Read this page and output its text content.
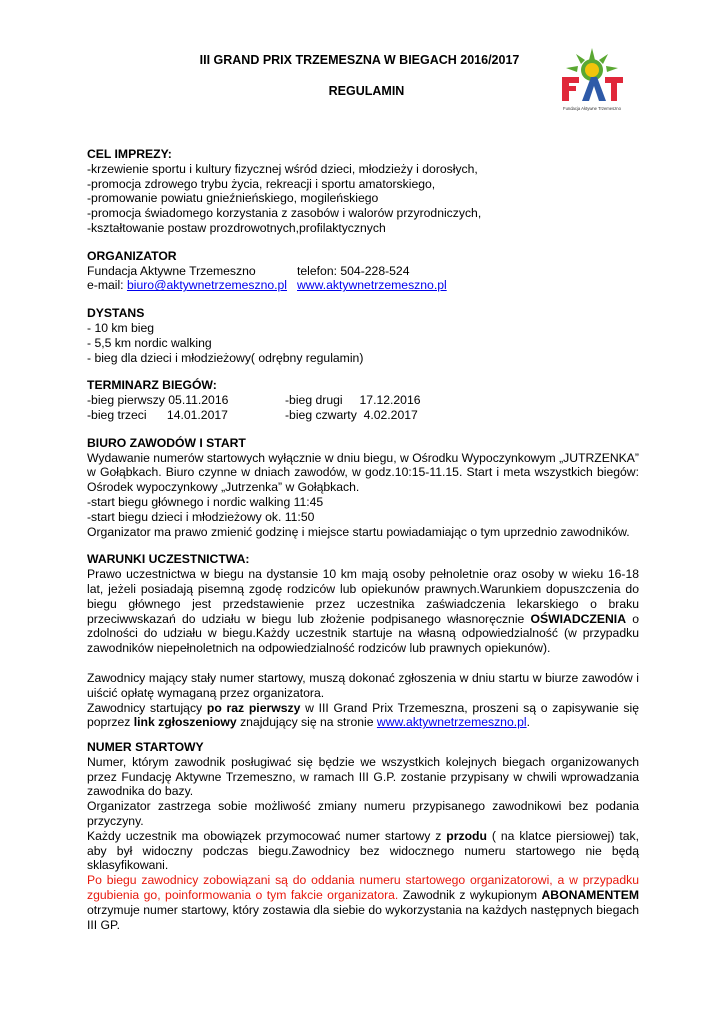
III GRAND PRIX TRZEMESZNA W BIEGACH 2016/2017
REGULAMIN
Fundacja Aktywne Trzemeszno

CEL IMPREZY:

-krzewienie sportu i kultury fizycznej wśród dzieci, młodzieży i dorosłych,

-promocja zdrowego trybu życia, rekreacji i sportu amatorskiego,

-promowanie powiatu gnieźnieńskiego, mogileńskiego

-promocja świadomego korzystania z zasobów i walorów przyrodniczych,

-kształtowanie postaw prozdrowotnych,profilaktycznych

ORGANIZATOR

Fundacja Aktywne Trzemeszno	telefon: 504-228-524
e-mail: biuro@aktywnetrzemeszno.pl www.aktywnetrzemeszno.pl

DYSTANS

- 10 km bieg

- 5,5 km nordic walking

- bieg dla dzieci i młodzieżowy( odrębny regulamin)

TERMINARZ BIEGÓW:

-bieg pierwszy 05.11.2016	-bieg drugi     17.12.2016
-bieg trzeci      14.01.2017	-bieg czwarty  4.02.2017

BIURO ZAWODÓW I START

Wydawanie numerów startowych wyłącznie w dniu biegu, w Ośrodku Wypoczynkowym „JUTRZENKA” w Gołąbkach. Biuro czynne w dniach zawodów, w godz.10:15-11.15. Start i meta wszystkich biegów: Ośrodek wypoczynkowy „Jutrzenka” w Gołąbkach.

-start biegu głównego i nordic walking 11:45

-start biegu dzieci i młodzieżowy ok. 11:50

Organizator ma prawo zmienić godzinę i miejsce startu powiadamiając o tym uprzednio zawodników.

WARUNKI UCZESTNICTWA:

Prawo uczestnictwa w biegu na dystansie 10 km mają osoby pełnoletnie oraz osoby w wieku 16-18 lat, jeżeli posiadają pisemną zgodę rodziców lub opiekunów prawnych.Warunkiem dopuszczenia do biegu głównego jest przedstawienie przez uczestnika zaświadczenia lekarskiego o braku przeciwwskazań do udziału w biegu lub złożenie podpisanego własnoręcznie OŚWIADCZENIA o zdolności do udziału w biegu.Każdy uczestnik startuje na własną odpowiedzialność (w przypadku zawodników niepełnoletnich na odpowiedzialność rodziców lub prawnych opiekunów).

Zawodnicy mający stały numer startowy, muszą dokonać zgłoszenia w dniu startu w biurze zawodów i uiścić opłatę wymaganą przez organizatora.

Zawodnicy startujący po raz pierwszy w III Grand Prix Trzemeszna, proszeni są o zapisywanie się poprzez link zgłoszeniowy znajdujący się na stronie www.aktywnetrzemeszno.pl.

NUMER STARTOWY

Numer, którym zawodnik posługiwać się będzie we wszystkich kolejnych biegach organizowanych przez Fundację Aktywne Trzemeszno, w ramach III G.P. zostanie przypisany w chwili wprowadzania zawodnika do bazy.

Organizator zastrzega sobie możliwość zmiany numeru przypisanego zawodnikowi bez podania przyczyny.

Każdy uczestnik ma obowiązek przymocować numer startowy z przodu ( na klatce piersiowej) tak, aby był widoczny podczas biegu.Zawodnicy bez widocznego numeru startowego nie będą sklasyfikowani.

Po biegu zawodnicy zobowiązani są do oddania numeru startowego organizatorowi, a w przypadku zgubienia go, poinformowania o tym fakcie organizatora. Zawodnik z wykupionym ABONAMENTEM otrzymuje numer startowy, który zostawia dla siebie do wykorzystania na każdych następnych biegach III GP.
